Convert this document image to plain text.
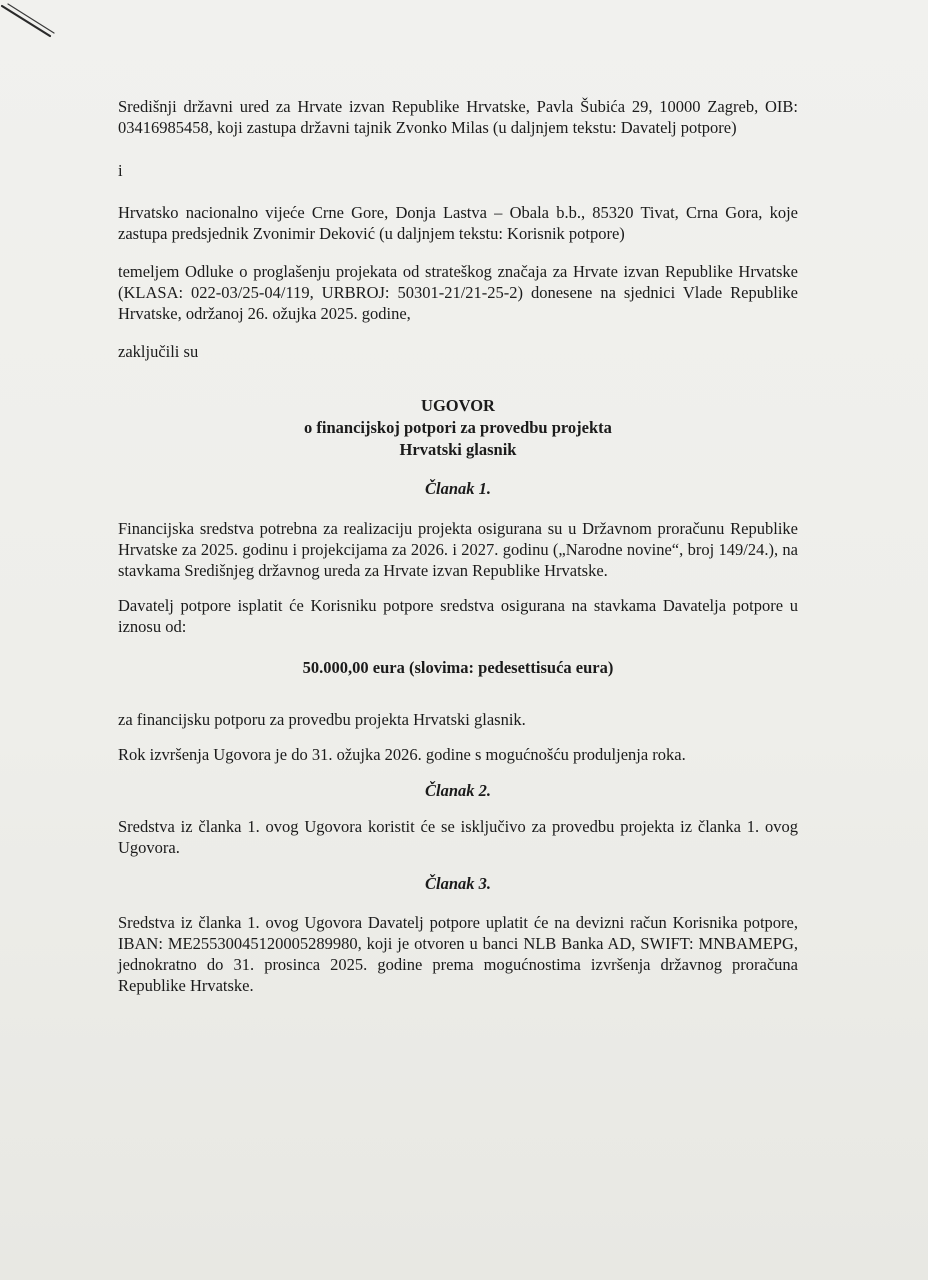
Središnji državni ured za Hrvate izvan Republike Hrvatske, Pavla Šubića 29, 10000 Zagreb, OIB: 03416985458, koji zastupa državni tajnik Zvonko Milas (u daljnjem tekstu: Davatelj potpore)

i

Hrvatsko nacionalno vijeće Crne Gore, Donja Lastva – Obala b.b., 85320 Tivat, Crna Gora, koje zastupa predsjednik Zvonimir Deković (u daljnjem tekstu: Korisnik potpore)

temeljem Odluke o proglašenju projekata od strateškog značaja za Hrvate izvan Republike Hrvatske (KLASA: 022-03/25-04/119, URBROJ: 50301-21/21-25-2) donesene na sjednici Vlade Republike Hrvatske, održanoj 26. ožujka 2025. godine,

zaključili su

UGOVOR

o financijskoj potpori za provedbu projekta

Hrvatski glasnik

Članak 1.

Financijska sredstva potrebna za realizaciju projekta osigurana su u Državnom proračunu Republike Hrvatske za 2025. godinu i projekcijama za 2026. i 2027. godinu („Narodne novine“, broj 149/24.), na stavkama Središnjeg državnog ureda za Hrvate izvan Republike Hrvatske.

Davatelj potpore isplatit će Korisniku potpore sredstva osigurana na stavkama Davatelja potpore u iznosu od:

50.000,00 eura (slovima: pedesettisuća eura)

za financijsku potporu za provedbu projekta Hrvatski glasnik.

Rok izvršenja Ugovora je do 31. ožujka 2026. godine s mogućnošću produljenja roka.

Članak 2.

Sredstva iz članka 1. ovog Ugovora koristit će se isključivo za provedbu projekta iz članka 1. ovog Ugovora.

Članak 3.

Sredstva iz članka 1. ovog Ugovora Davatelj potpore uplatit će na devizni račun Korisnika potpore, IBAN: ME25530045120005289980, koji je otvoren u banci NLB Banka AD, SWIFT: MNBAMEPG, jednokratno do 31. prosinca 2025. godine prema mogućnostima izvršenja državnog proračuna Republike Hrvatske.
